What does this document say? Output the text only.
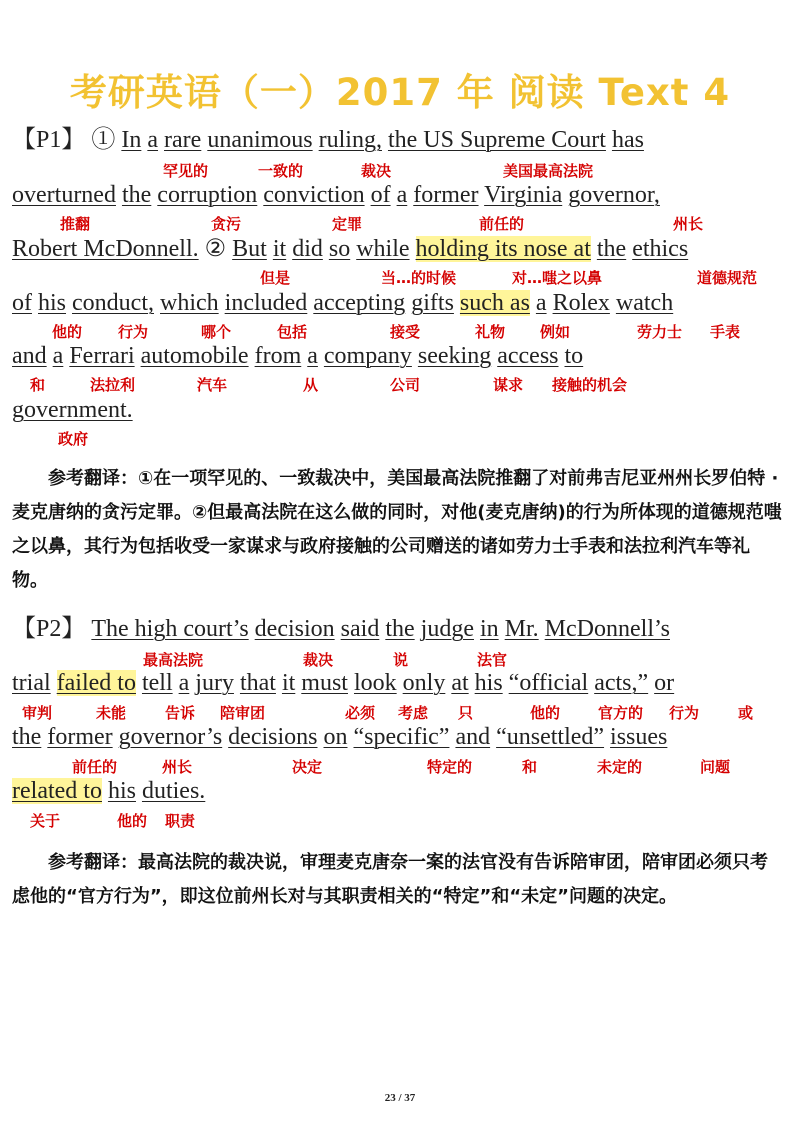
考研英语（一）2017 年 阅读 Text 4
【P1】 ① In a rare unanimous ruling, the US Supreme Court has
罕见的	一致的	裁决	美国最高法院
overturned the corruption conviction of a former Virginia governor,
推翻	贪污	定罪	前任的	州长
Robert McDonnell. ② But it did so while holding its nose at the ethics
但是	当…的时候	对…嗤之以鼻	道德规范
of his conduct, which included accepting gifts such as a Rolex watch
他的 行为	哪个	包括	接受	礼物 例如	劳力士 手表
and a Ferrari automobile from a company seeking access to
和	法拉利	汽车	从	公司	谋求 接触的机会
government.
政府

参考翻译：①在一项罕见的、一致裁决中，美国最高法院推翻了对前弗吉尼亚州州长罗伯特 · 麦克唐纳的贪污定罪。②但最高法院在这么做的同时，对他(麦克唐纳)的行为所体现的道德规范嗤之以鼻，其行为包括收受一家谋求与政府接触的公司赠送的诸如劳力士手表和法拉利汽车等礼物。

【P2】 The high court’s decision said the judge in Mr. McDonnell’s
最高法院	裁决	说	法官
trial failed to tell a jury that it must look only at his “official acts,” or
审判	未能	告诉 陪审团	必须 考虑 只	他的	官方的 行为	或
the former governor’s decisions on “specific” and “unsettled” issues
前任的	州长	决定	特定的	和	未定的	问题
related to his duties.
关于	他的 职责

参考翻译：最高法院的裁决说，审理麦克唐奈一案的法官没有告诉陪审团，陪审团必须只考虑他的“官方行为”，即这位前州长对与其职责相关的“特定”和“未定”问题的决定。

23 / 37
